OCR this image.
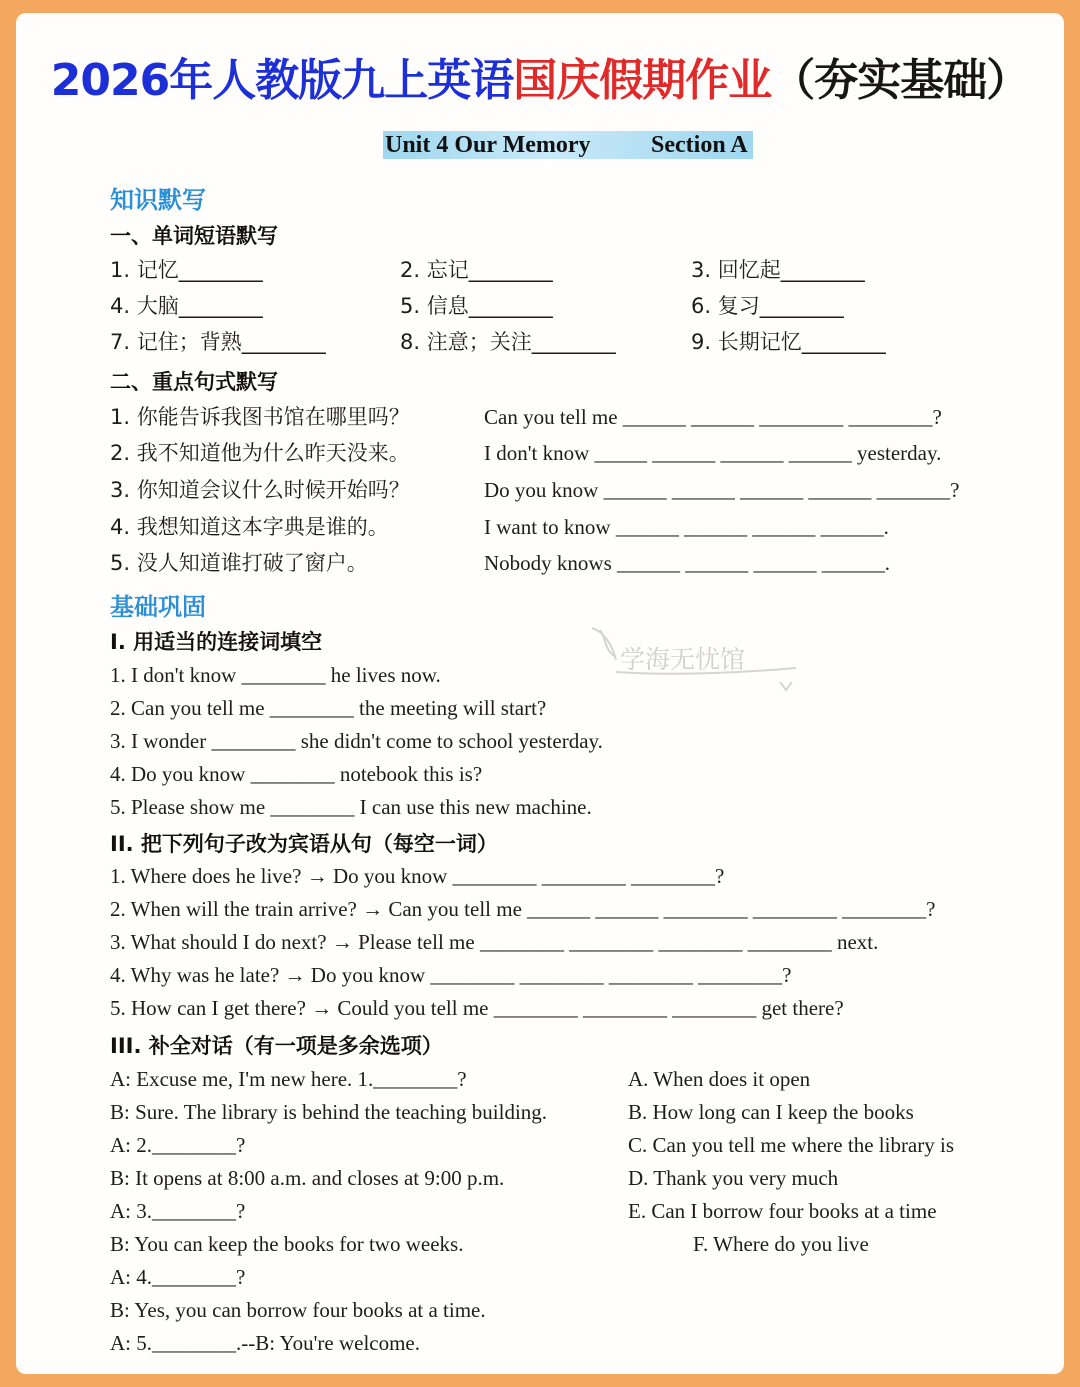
2026年人教版九上英语国庆假期作业（夯实基础）
Unit 4 Our Memory	Section A
知识默写
一、单词短语默写
1. 记忆________	2. 忘记________	3. 回忆起________
4. 大脑________	5. 信息________	6. 复习________
7. 记住；背熟________	8. 注意；关注________	9. 长期记忆________
二、重点句式默写
1. 你能告诉我图书馆在哪里吗？	Can you tell me ______ ______ ________ ________?
2. 我不知道他为什么昨天没来。	I don't know _____ ______ ______ ______ yesterday.
3. 你知道会议什么时候开始吗？	Do you know ______ ______ ______ ______ _______?
4. 我想知道这本字典是谁的。	I want to know ______ ______ ______ ______.
5. 没人知道谁打破了窗户。	Nobody knows ______ ______ ______ ______.
基础巩固
学海无忧馆
I. 用适当的连接词填空
1. I don't know ________ he lives now.
2. Can you tell me ________ the meeting will start?
3. I wonder ________ she didn't come to school yesterday.
4. Do you know ________ notebook this is?
5. Please show me ________ I can use this new machine.
II. 把下列句子改为宾语从句（每空一词）
1. Where does he live? → Do you know ________ ________ ________?
2. When will the train arrive? → Can you tell me ______ ______ ________ ________ ________?
3. What should I do next? → Please tell me ________ ________ ________ ________ next.
4. Why was he late? → Do you know ________ ________ ________ ________?
5. How can I get there? → Could you tell me ________ ________ ________ get there?
III. 补全对话（有一项是多余选项）
A: Excuse me, I'm new here. 1.________?
B: Sure. The library is behind the teaching building.
A: 2.________?
B: It opens at 8:00 a.m. and closes at 9:00 p.m.
A: 3.________?
B: You can keep the books for two weeks.
A: 4.________?
B: Yes, you can borrow four books at a time.
A: 5.________.--B: You're welcome.
A. When does it open
B. How long can I keep the books
C. Can you tell me where the library is
D. Thank you very much
E. Can I borrow four books at a time
F. Where do you live
